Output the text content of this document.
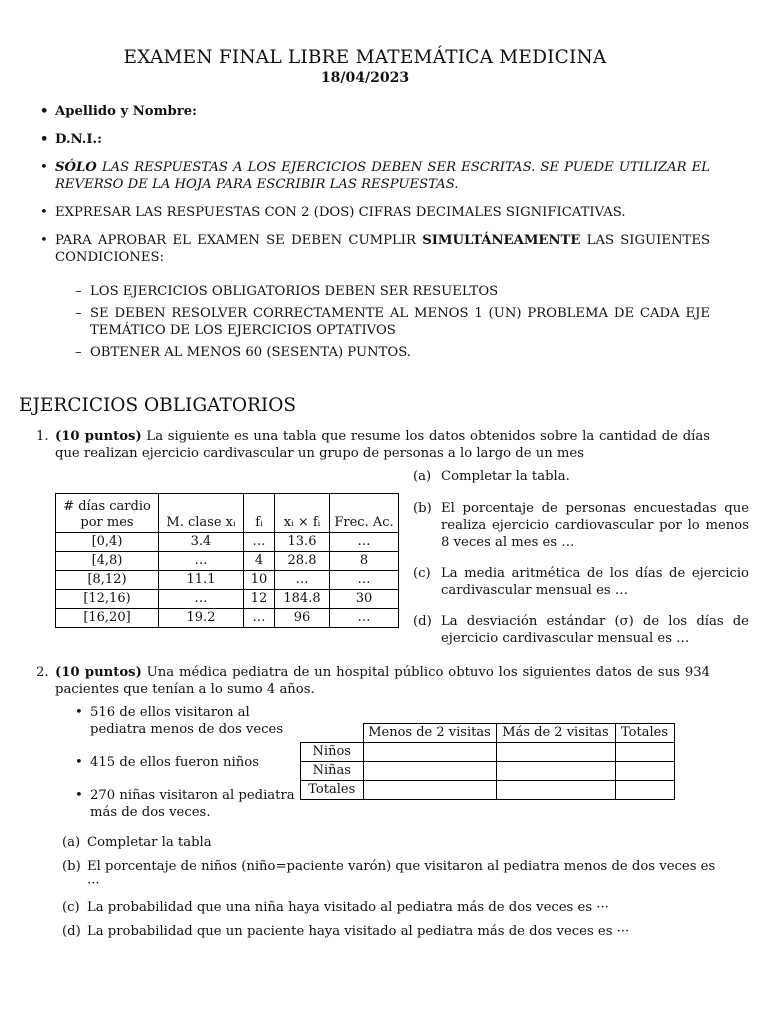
EXAMEN FINAL LIBRE MATEMÁTICA MEDICINA
18/04/2023
• Apellido y Nombre:
• D.N.I.:
• SÓLO LAS RESPUESTAS A LOS EJERCICIOS DEBEN SER ESCRITAS. SE PUEDE UTILIZAR EL REVERSO DE LA HOJA PARA ESCRIBIR LAS RESPUESTAS.
• EXPRESAR LAS RESPUESTAS CON 2 (DOS) CIFRAS DECIMALES SIGNIFICATIVAS.
• PARA APROBAR EL EXAMEN SE DEBEN CUMPLIR SIMULTÁNEAMENTE LAS SIGUIENTES CONDICIONES:
– LOS EJERCICIOS OBLIGATORIOS DEBEN SER RESUELTOS
– SE DEBEN RESOLVER CORRECTAMENTE AL MENOS 1 (UN) PROBLEMA DE CADA EJE TEMÁTICO DE LOS EJERCICIOS OPTATIVOS
– OBTENER AL MENOS 60 (SESENTA) PUNTOS.
EJERCICIOS OBLIGATORIOS
1. (10 puntos) La siguiente es una tabla que resume los datos obtenidos sobre la cantidad de días que realizan ejercicio cardivascular un grupo de personas a lo largo de un mes
# días cardio por mes	M. clase xᵢ	fᵢ	xᵢ × fᵢ	Frec. Ac.
[0,4)	3.4	…	13.6	…
[4,8)	…	4	28.8	8
[8,12)	11.1	10	…	…
[12,16)	…	12	184.8	30
[16,20]	19.2	…	96	…
(a) Completar la tabla.
(b) El porcentaje de personas encuestadas que realiza ejercicio cardiovascular por lo menos 8 veces al mes es …
(c) La media aritmética de los días de ejercicio cardivascular mensual es …
(d) La desviación estándar (σ) de los días de ejercicio cardivascular mensual es …
2. (10 puntos) Una médica pediatra de un hospital público obtuvo los siguientes datos de sus 934 pacientes que tenían a lo sumo 4 años.
• 516 de ellos visitaron al pediatra menos de dos veces
• 415 de ellos fueron niños
• 270 niñas visitaron al pediatra más de dos veces.
	Menos de 2 visitas	Más de 2 visitas	Totales
Niños			
Niñas			
Totales			
(a) Completar la tabla
(b) El porcentaje de niños (niño=paciente varón) que visitaron al pediatra menos de dos veces es ···
(c) La probabilidad que una niña haya visitado al pediatra más de dos veces es ···
(d) La probabilidad que un paciente haya visitado al pediatra más de dos veces es ···
